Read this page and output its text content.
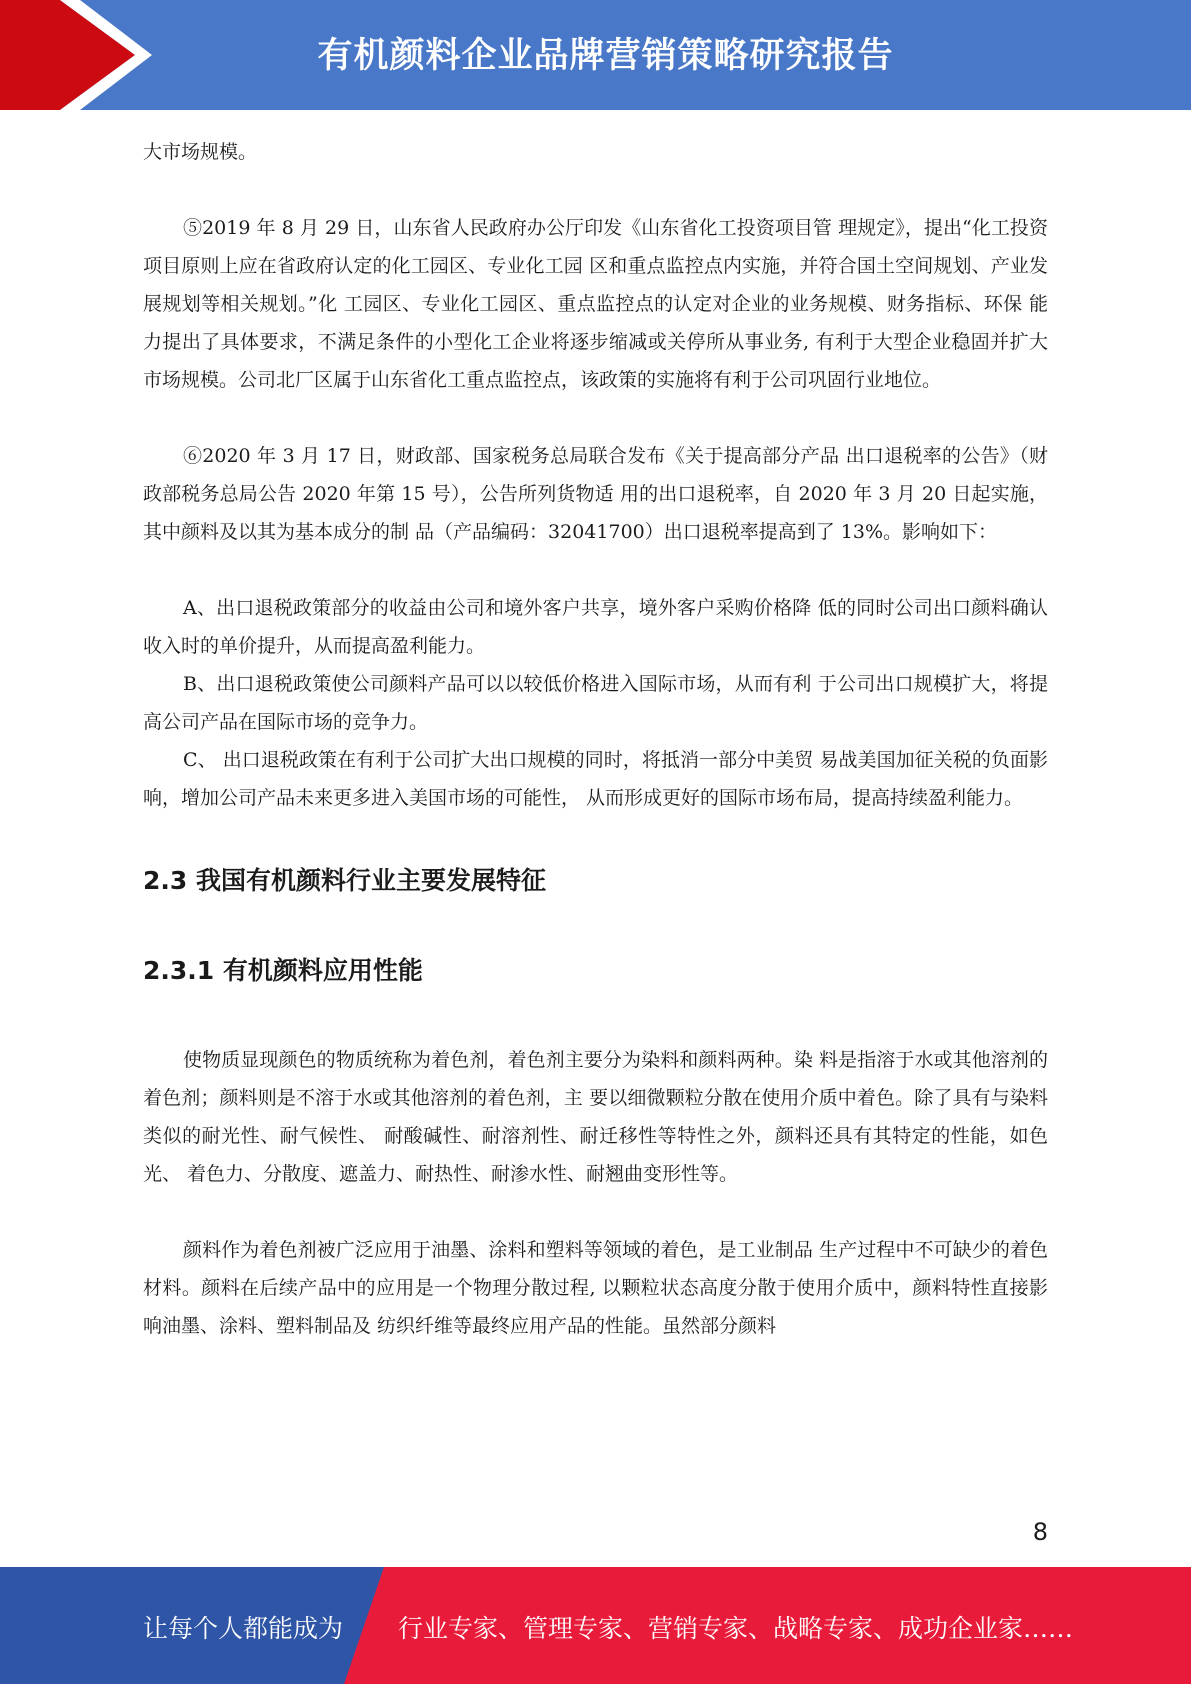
有机颜料企业品牌营销策略研究报告

大市场规模。

⑤2019 年 8 月 29 日，山东省人民政府办公厅印发《山东省化工投资项目管 理规定》，提出“化工投资项目原则上应在省政府认定的化工园区、专业化工园 区和重点监控点内实施，并符合国土空间规划、产业发展规划等相关规划。”化 工园区、专业化工园区、重点监控点的认定对企业的业务规模、财务指标、环保 能力提出了具体要求，不满足条件的小型化工企业将逐步缩减或关停所从事业务, 有利于大型企业稳固并扩大市场规模。公司北厂区属于山东省化工重点监控点，该政策的实施将有利于公司巩固行业地位。

⑥2020 年 3 月 17 日，财政部、国家税务总局联合发布《关于提高部分产品 出口退税率的公告》（财政部税务总局公告 2020 年第 15 号），公告所列货物适 用的出口退税率，自 2020 年 3 月 20 日起实施，其中颜料及以其为基本成分的制 品（产品编码：32041700）出口退税率提高到了 13%。影响如下：

A、出口退税政策部分的收益由公司和境外客户共享，境外客户采购价格降 低的同时公司出口颜料确认收入时的单价提升，从而提高盈利能力。

B、出口退税政策使公司颜料产品可以以较低价格进入国际市场，从而有利 于公司出口规模扩大，将提高公司产品在国际市场的竞争力。

C、 出口退税政策在有利于公司扩大出口规模的同时，将抵消一部分中美贸 易战美国加征关税的负面影响，增加公司产品未来更多进入美国市场的可能性， 从而形成更好的国际市场布局，提高持续盈利能力。

2.3 我国有机颜料行业主要发展特征
2.3.1 有机颜料应用性能

使物质显现颜色的物质统称为着色剂，着色剂主要分为染料和颜料两种。染 料是指溶于水或其他溶剂的着色剂；颜料则是不溶于水或其他溶剂的着色剂，主 要以细微颗粒分散在使用介质中着色。除了具有与染料类似的耐光性、耐气候性、 耐酸碱性、耐溶剂性、耐迁移性等特性之外，颜料还具有其特定的性能，如色光、 着色力、分散度、遮盖力、耐热性、耐渗水性、耐翘曲变形性等。

颜料作为着色剂被广泛应用于油墨、涂料和塑料等领域的着色，是工业制品 生产过程中不可缺少的着色材料。颜料在后续产品中的应用是一个物理分散过程, 以颗粒状态高度分散于使用介质中，颜料特性直接影响油墨、涂料、塑料制品及 纺织纤维等最终应用产品的性能。虽然部分颜料

8
让每个人都能成为 行业专家、管理专家、营销专家、战略专家、成功企业家……
